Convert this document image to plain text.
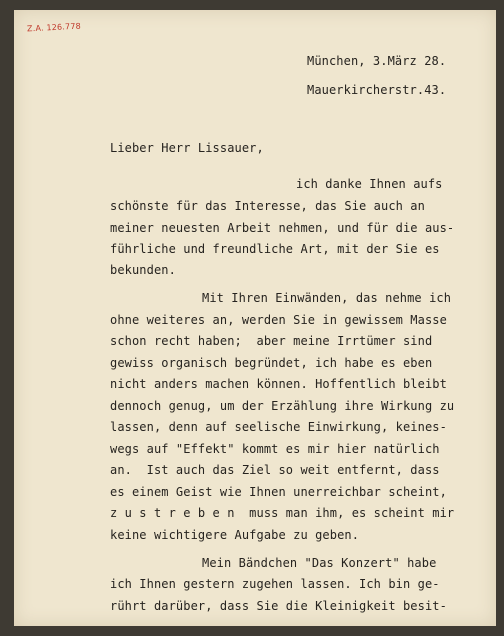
Z.A. 126.778
München, 3.März 28.
Mauerkircherstr.43.
Lieber Herr Lissauer,
ich danke Ihnen aufs
schönste für das Interesse, das Sie auch an
meiner neuesten Arbeit nehmen, und für die aus-
führliche und freundliche Art, mit der Sie es
bekunden.
Mit Ihren Einwänden, das nehme ich
ohne weiteres an, werden Sie in gewissem Masse
schon recht haben;  aber meine Irrtümer sind
gewiss organisch begründet, ich habe es eben
nicht anders machen können. Hoffentlich bleibt
dennoch genug, um der Erzählung ihre Wirkung zu
lassen, denn auf seelische Einwirkung, keines-
wegs auf "Effekt" kommt es mir hier natürlich
an.  Ist auch das Ziel so weit entfernt, dass
es einem Geist wie Ihnen unerreichbar scheint,
z u s t r e b e n  muss man ihm, es scheint mir
keine wichtigere Aufgabe zu geben.
Mein Bändchen "Das Konzert" habe
ich Ihnen gestern zugehen lassen. Ich bin ge-
rührt darüber, dass Sie die Kleinigkeit besit-
